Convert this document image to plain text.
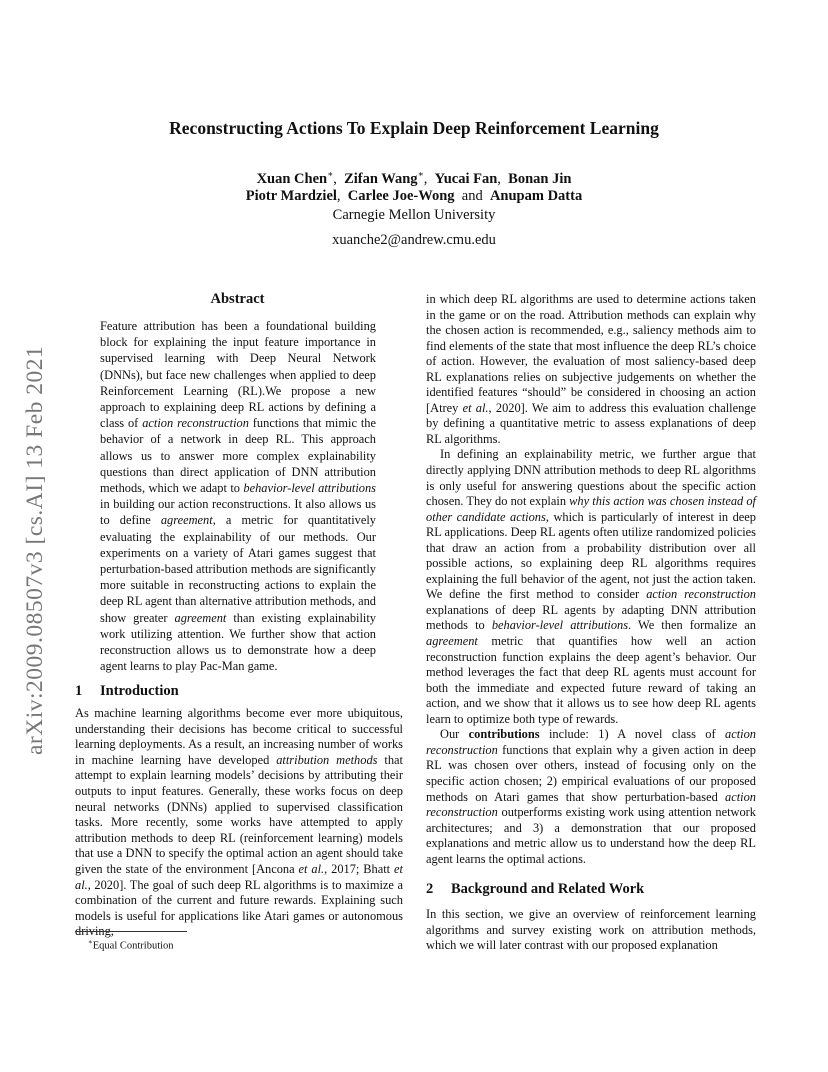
arXiv:2009.08507v3 [cs.AI] 13 Feb 2021
Reconstructing Actions To Explain Deep Reinforcement Learning
Xuan Chen∗,  Zifan Wang∗,  Yucai Fan,  Bonan Jin
Piotr Mardziel,  Carlee Joe-Wong and Anupam Datta
Carnegie Mellon University
xuanche2@andrew.cmu.edu
Abstract
Feature attribution has been a foundational building block for explaining the input feature importance in supervised learning with Deep Neural Network (DNNs), but face new challenges when applied to deep Reinforcement Learning (RL).We propose a new approach to explaining deep RL actions by defining a class of action reconstruction functions that mimic the behavior of a network in deep RL. This approach allows us to answer more complex explainability questions than direct application of DNN attribution methods, which we adapt to behavior-level attributions in building our action reconstructions. It also allows us to define agreement, a metric for quantitatively evaluating the explainability of our methods. Our experiments on a variety of Atari games suggest that perturbation-based attribution methods are significantly more suitable in reconstructing actions to explain the deep RL agent than alternative attribution methods, and show greater agreement than existing explainability work utilizing attention. We further show that action reconstruction allows us to demonstrate how a deep agent learns to play Pac-Man game.
1 Introduction
As machine learning algorithms become ever more ubiquitous, understanding their decisions has become critical to successful learning deployments. As a result, an increasing number of works in machine learning have developed attribution methods that attempt to explain learning models’ decisions by attributing their outputs to input features. Generally, these works focus on deep neural networks (DNNs) applied to supervised classification tasks. More recently, some works have attempted to apply attribution methods to deep RL (reinforcement learning) models that use a DNN to specify the optimal action an agent should take given the state of the environment [Ancona et al., 2017; Bhatt et al., 2020]. The goal of such deep RL algorithms is to maximize a combination of the current and future rewards. Explaining such models is useful for applications like Atari games or autonomous driving,

in which deep RL algorithms are used to determine actions taken in the game or on the road. Attribution methods can explain why the chosen action is recommended, e.g., saliency methods aim to find elements of the state that most influence the deep RL’s choice of action. However, the evaluation of most saliency-based deep RL explanations relies on subjective judgements on whether the identified features “should” be considered in choosing an action [Atrey et al., 2020]. We aim to address this evaluation challenge by defining a quantitative metric to assess explanations of deep RL algorithms.

In defining an explainability metric, we further argue that directly applying DNN attribution methods to deep RL algorithms is only useful for answering questions about the specific action chosen. They do not explain why this action was chosen instead of other candidate actions, which is particularly of interest in deep RL applications. Deep RL agents often utilize randomized policies that draw an action from a probability distribution over all possible actions, so explaining deep RL algorithms requires explaining the full behavior of the agent, not just the action taken. We define the first method to consider action reconstruction explanations of deep RL agents by adapting DNN attribution methods to behavior-level attributions. We then formalize an agreement metric that quantifies how well an action reconstruction function explains the deep agent’s behavior. Our method leverages the fact that deep RL agents must account for both the immediate and expected future reward of taking an action, and we show that it allows us to see how deep RL agents learn to optimize both type of rewards.

Our contributions include: 1) A novel class of action reconstruction functions that explain why a given action in deep RL was chosen over others, instead of focusing only on the specific action chosen; 2) empirical evaluations of our proposed methods on Atari games that show perturbation-based action reconstruction outperforms existing work using attention network architectures; and 3) a demonstration that our proposed explanations and metric allow us to understand how the deep RL agent learns the optimal actions.

2 Background and Related Work
In this section, we give an overview of reinforcement learning algorithms and survey existing work on attribution methods, which we will later contrast with our proposed explanation
∗Equal Contribution
